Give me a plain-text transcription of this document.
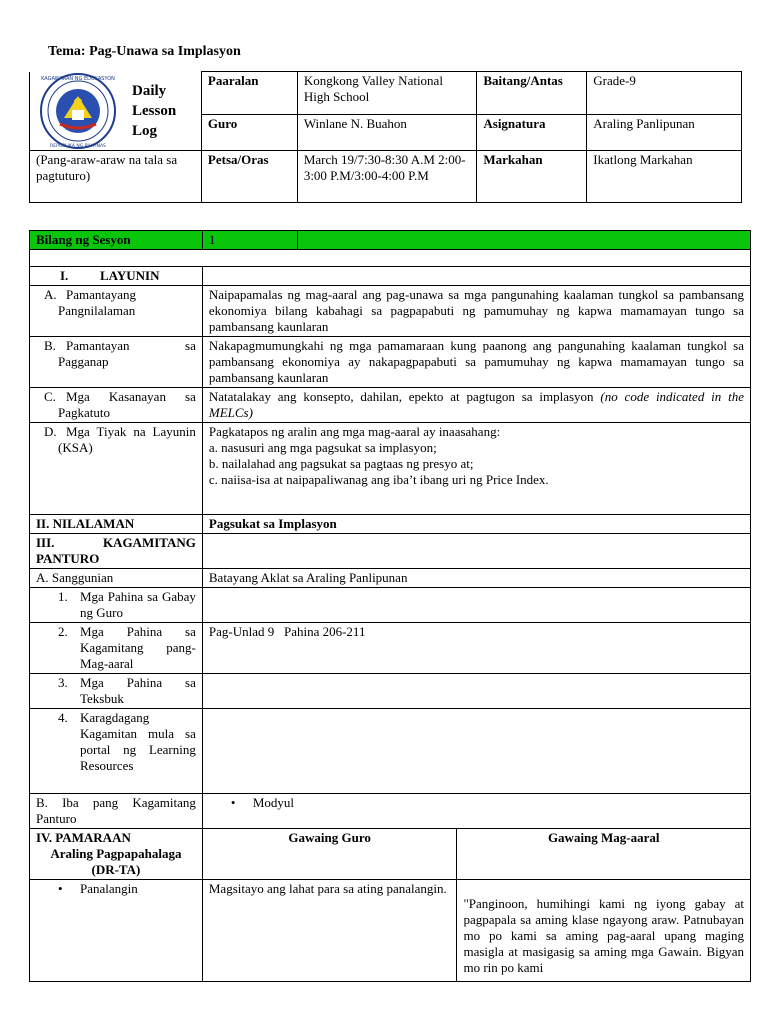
Tema: Pag-Unawa sa Implasyon
KAGAWARAN NG EDUKASYON
REPUBLIKA NG PILIPINAS
Daily
Lesson
Log	Paaralan	Kongkong Valley National High School	Baitang/Antas	Grade-9
	Guro	Winlane N. Buahon	Asignatura	Araling Panlipunan
(Pang-araw-araw na tala sa pagtuturo)	Petsa/Oras	March 19/7:30-8:30 A.M 2:00-3:00 P.M/3:00-4:00 P.M	Markahan	Ikatlong Markahan
Bilang ng Sesyon	1		

I. LAYUNIN			
A. Pamantayang Pangnilalaman	Naipapamalas ng mag-aaral ang pag-unawa sa mga pangunahing kaalaman tungkol sa pambansang ekonomiya bilang kabahagi sa pagpapabuti ng pamumuhay ng kapwa mamamayan tungo sa pambansang kaunlaran		
B. Pamantayan sa Pagganap	Nakapagmumungkahi ng mga pamamaraan kung paanong ang pangunahing kaalaman tungkol sa pambansang ekonomiya ay nakapagpapabuti sa pamumuhay ng kapwa mamamayan tungo sa pambansang kaunlaran		
C. Mga Kasanayan sa Pagkatuto	Natatalakay ang konsepto, dahilan, epekto at pagtugon sa implasyon (no code indicated in the MELCs)		
D. Mga Tiyak na Layunin (KSA)	Pagkatapos ng aralin ang mga mag-aaral ay inaasahang:
a. nasusuri ang mga pagsukat sa implasyon;
b. nailalahad ang pagsukat sa pagtaas ng presyo at;
c. naiisa-isa at naipapaliwanag ang iba’t ibang uri ng Price Index.		

II. NILALAMAN	Pagsukat sa Implasyon		
III. KAGAMITANG PANTURO			
A. Sanggunian	Batayang Aklat sa Araling Panlipunan		
1. Mga Pahina sa Gabay ng Guro			
2. Mga Pahina sa Kagamitang pang-Mag-aaral	Pag-Unlad 9   Pahina 206-211		
3. Mga Pahina sa Teksbuk			
4. Karagdagang Kagamitan mula sa portal ng Learning Resources			
B. Iba pang Kagamitang Panturo	• Modyul		

IV. PAMARAAN
Araling Pagpapahalaga (DR-TA)	Gawaing Guro		Gawaing Mag-aaral
• Panalangin	Magsitayo ang lahat para sa ating panalangin.		"Panginoon, humihingi kami ng iyong gabay at pagpapala sa aming klase ngayong araw. Patnubayan mo po kami sa aming pag-aaral upang maging masigla at masigasig sa aming mga Gawain. Bigyan mo rin po kami
